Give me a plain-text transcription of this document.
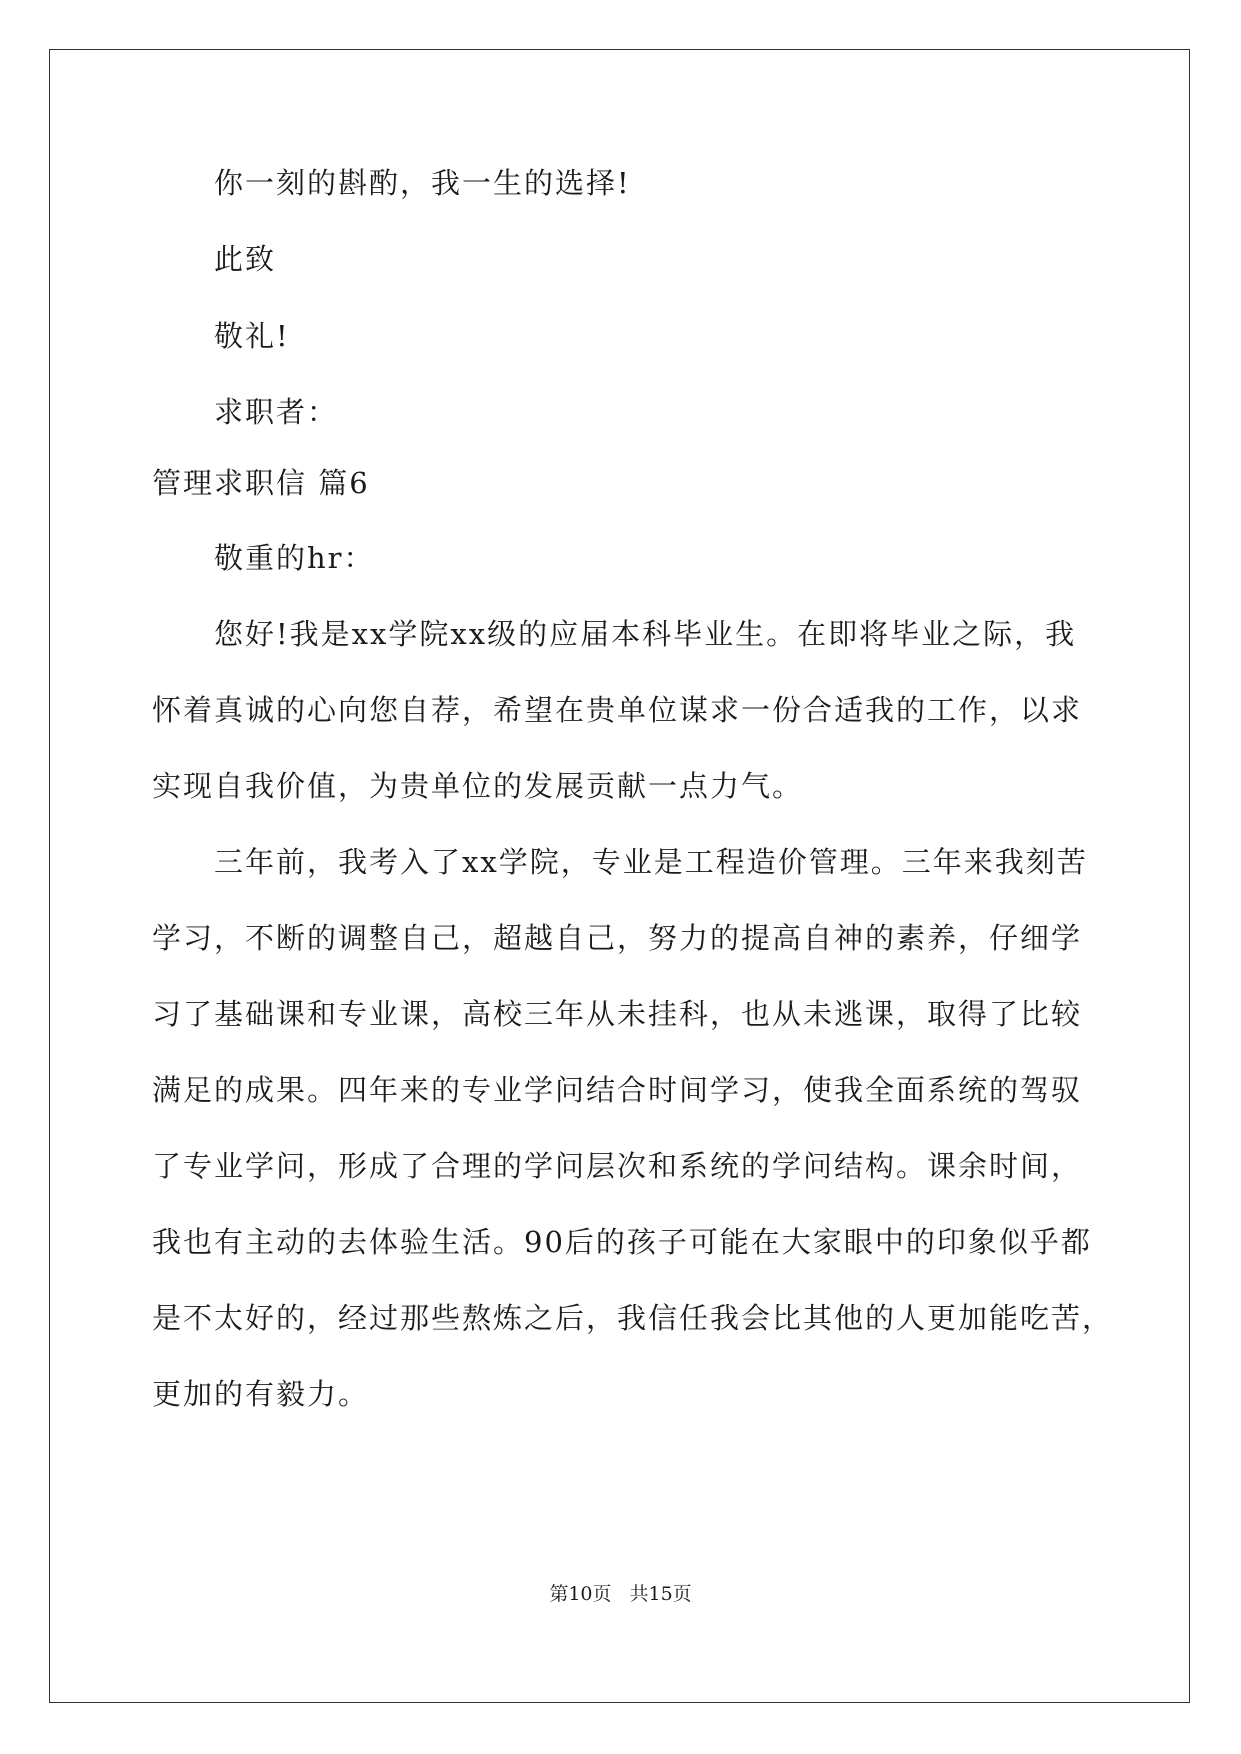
你一刻的斟酌，我一生的选择!
此致
敬礼!
求职者：
管理求职信 篇6
敬重的hr：
您好!我是xx学院xx级的应届本科毕业生。在即将毕业之际，我
怀着真诚的心向您自荐，希望在贵单位谋求一份合适我的工作，以求
实现自我价值，为贵单位的发展贡献一点力气。
三年前，我考入了xx学院，专业是工程造价管理。三年来我刻苦
学习，不断的调整自己，超越自己，努力的提高自神的素养，仔细学
习了基础课和专业课，高校三年从未挂科，也从未逃课，取得了比较
满足的成果。四年来的专业学问结合时间学习，使我全面系统的驾驭
了专业学问，形成了合理的学问层次和系统的学问结构。课余时间，
我也有主动的去体验生活。90后的孩子可能在大家眼中的印象似乎都
是不太好的，经过那些熬炼之后，我信任我会比其他的人更加能吃苦，
更加的有毅力。
第10页 共15页
